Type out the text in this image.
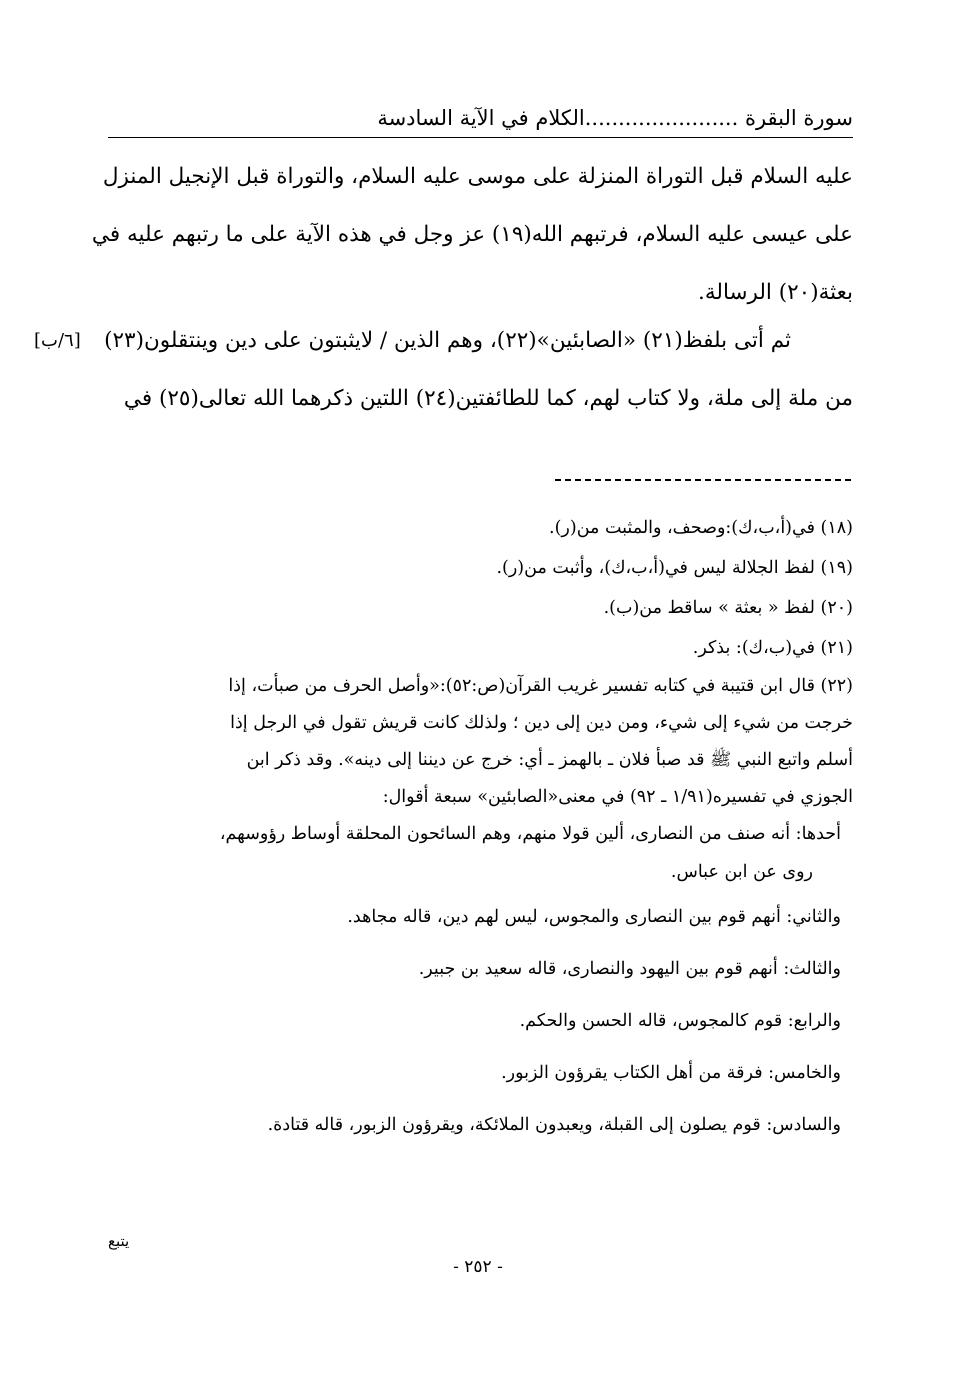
سورة البقرة .......................الكلام في الآية السادسة
عليه السلام قبل التوراة المنزلة على موسى عليه السلام، والتوراة قبل الإنجيل المنزل
على عيسى عليه السلام، فرتبهم الله(١٩) عز وجل في هذه الآية على ما رتبهم عليه في
بعثة(٢٠) الرسالة.
ثم أتى بلفظ(٢١) «الصابئين»(٢٢)، وهم الذين / لايثبتون على دين وينتقلون(٢٣)
من ملة إلى ملة، ولا كتاب لهم، كما للطائفتين(٢٤) اللتين ذكرهما الله تعالى(٢٥) في
[٦/ب]
(١٨) في(أ،ب،ك):وصحف، والمثبت من(ر).
(١٩) لفظ الجلالة ليس في(أ،ب،ك)، وأثبت من(ر).
(٢٠) لفظ « بعثة » ساقط من(ب).
(٢١) في(ب،ك): بذكر.
(٢٢) قال ابن قتيبة في كتابه تفسير غريب القرآن(ص:٥٢):«وأصل الحرف من صبأت، إذا
خرجت من شيء إلى شيء، ومن دين إلى دين ؛ ولذلك كانت قريش تقول في الرجل إذا
أسلم واتبع النبي ﷺ قد صبأ فلان ـ بالهمز ـ أي: خرج عن ديننا إلى دينه». وقد ذكر ابن
الجوزي في تفسيره(١/٩١ ـ ٩٢) في معنى«الصابئين» سبعة أقوال:
أحدها: أنه صنف من النصارى، ألين قولا منهم، وهم السائحون المحلقة أوساط رؤوسهم،
روى عن ابن عباس.
والثاني: أنهم قوم بين النصارى والمجوس، ليس لهم دين، قاله مجاهد.
والثالث: أنهم قوم بين اليهود والنصارى، قاله سعيد بن جبير.
والرابع: قوم كالمجوس، قاله الحسن والحكم.
والخامس: فرقة من أهل الكتاب يقرؤون الزبور.
والسادس: قوم يصلون إلى القبلة، ويعبدون الملائكة، ويقرؤون الزبور، قاله قتادة.
يتبع
- ٢٥٢ -
